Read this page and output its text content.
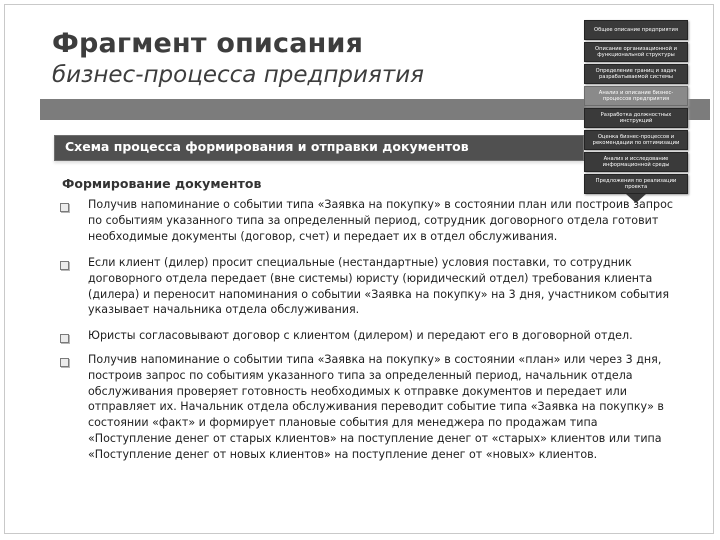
Фрагмент описания
бизнес-процесса предприятия
Схема процесса формирования и отправки документов
Формирование документов
Общее описание предприятия
Описание организационной и функциональной структуры
Определение границ и задач разрабатываемой системы
Анализ и описание бизнес-процессов предприятия
Разработка должностных инструкций
Оценка бизнес-процессов и рекомендации по оптимизации
Анализ и исследование информационной среды
Предложения по реализации проекта
Получив напоминание о событии типа «Заявка на покупку» в состоянии план или построив запрос по событиям указанного типа за определенный период, сотрудник договорного отдела готовит необходимые документы (договор, счет) и передает их в отдел обслуживания.
Если клиент (дилер) просит специальные (нестандартные) условия поставки, то сотрудник договорного отдела передает (вне системы) юристу (юридический отдел) требования клиента (дилера) и переносит напоминания о событии «Заявка на покупку» на 3 дня, участником события указывает начальника отдела обслуживания.
Юристы согласовывают договор с клиентом (дилером) и передают его в договорной отдел.
Получив напоминание о событии типа «Заявка на покупку» в состоянии «план» или через 3 дня, построив запрос по событиям указанного типа за определенный период, начальник отдела обслуживания проверяет готовность необходимых к отправке документов и передает или отправляет их. Начальник отдела обслуживания переводит событие типа «Заявка на покупку» в состоянии «факт» и формирует плановые события для менеджера по продажам типа «Поступление денег от старых клиентов» на поступление денег от «старых» клиентов или типа «Поступление денег от новых клиентов» на поступление денег от «новых» клиентов.
